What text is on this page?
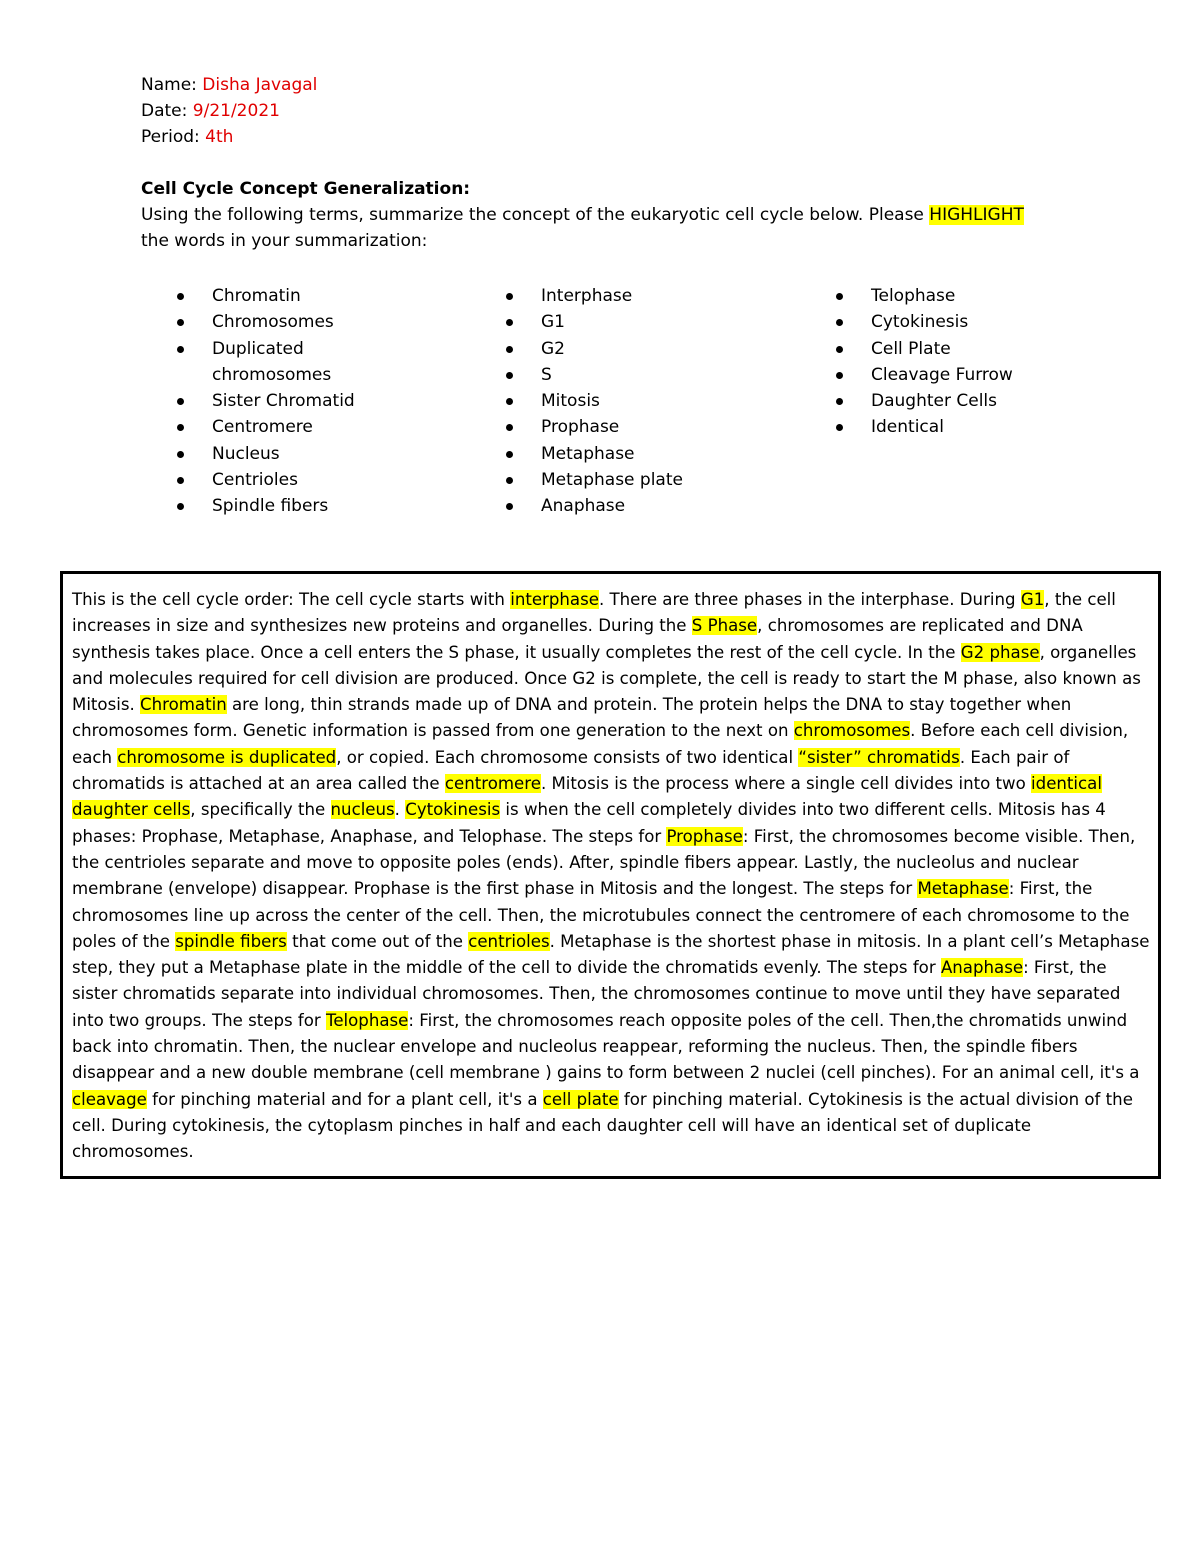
Name: Disha Javagal
Date: 9/21/2021
Period: 4th
Cell Cycle Concept Generalization:
Using the following terms, summarize the concept of the eukaryotic cell cycle below. Please HIGHLIGHT
the words in your summarization:
Chromatin
Chromosomes
Duplicated
chromosomes
Sister Chromatid
Centromere
Nucleus
Centrioles
Spindle fibers
Interphase
G1
G2
S
Mitosis
Prophase
Metaphase
Metaphase plate
Anaphase
Telophase
Cytokinesis
Cell Plate
Cleavage Furrow
Daughter Cells
Identical

This is the cell cycle order: The cell cycle starts with interphase. There are three phases in the interphase. During G1, the cell increases in size and synthesizes new proteins and organelles. During the S Phase, chromosomes are replicated and DNA synthesis takes place. Once a cell enters the S phase, it usually completes the rest of the cell cycle. In the G2 phase, organelles and molecules required for cell division are produced. Once G2 is complete, the cell is ready to start the M phase, also known as Mitosis. Chromatin are long, thin strands made up of DNA and protein. The protein helps the DNA to stay together when chromosomes form. Genetic information is passed from one generation to the next on chromosomes. Before each cell division, each chromosome is duplicated, or copied. Each chromosome consists of two identical “sister” chromatids. Each pair of chromatids is attached at an area called the centromere. Mitosis is the process where a single cell divides into two identical daughter cells, specifically the nucleus. Cytokinesis is when the cell completely divides into two different cells. Mitosis has 4 phases: Prophase, Metaphase, Anaphase, and Telophase. The steps for Prophase: First, the chromosomes become visible. Then, the centrioles separate and move to opposite poles (ends). After, spindle fibers appear. Lastly, the nucleolus and nuclear membrane (envelope) disappear. Prophase is the first phase in Mitosis and the longest. The steps for Metaphase: First, the chromosomes line up across the center of the cell. Then, the microtubules connect the centromere of each chromosome to the poles of the spindle fibers that come out of the centrioles. Metaphase is the shortest phase in mitosis. In a plant cell’s Metaphase step, they put a Metaphase plate in the middle of the cell to divide the chromatids evenly. The steps for Anaphase: First, the sister chromatids separate into individual chromosomes. Then, the chromosomes continue to move until they have separated into two groups. The steps for Telophase: First, the chromosomes reach opposite poles of the cell. Then,the chromatids unwind back into chromatin. Then, the nuclear envelope and nucleolus reappear, reforming the nucleus. Then, the spindle fibers disappear and a new double membrane (cell membrane ) gains to form between 2 nuclei (cell pinches). For an animal cell, it's a cleavage for pinching material and for a plant cell, it's a cell plate for pinching material. Cytokinesis is the actual division of the cell. During cytokinesis, the cytoplasm pinches in half and each daughter cell will have an identical set of duplicate chromosomes.
